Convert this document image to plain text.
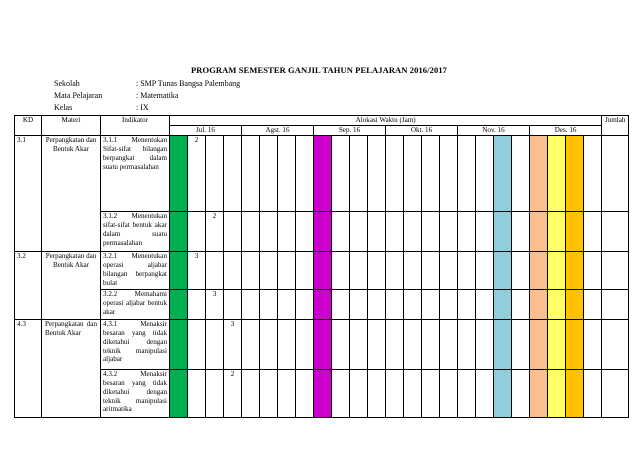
PROGRAM SEMESTER GANJIL TAHUN PELAJARAN 2016/2017
Sekolah	: SMP Tunas Bangsa Palembang
Mata Pelajaran	: Matematika
Kelas	: IX
KD	Materi	Indikator	Alokasi Waktu (Jam)																								Jumlah
			Jul. 16				Agst. 16				Sep. 16				Okt. 16				Nov. 16				Des. 16				
3.1	Perpangkatan dan Bentuk Akar	3.1.1 Menentukan Sifat-sifat bilangan berpangkat dalam suatu permasalahan		2																							
		3.1.2 Menentukan sifat-sifat bentuk akar dalam suatu permasalahan			2																						
3.2	Perpangkatan dan Bentuk Akar	3.2.1 Menentukan operasi aljabar bilangan berpangkat bulat		3																							
		3.2.2 Memahami operasi aljabar bentuk akar			3																						
4.3	Perpangkatan dan Bentuk Akar	4.3.1 Menaksir besaran yang tidak diketahui dengan teknik manipulasi aljabar				3																					
		4.3.2 Menaksir besaran yang tidak diketahui dengan teknik manipulasi aritmatika				2																					
